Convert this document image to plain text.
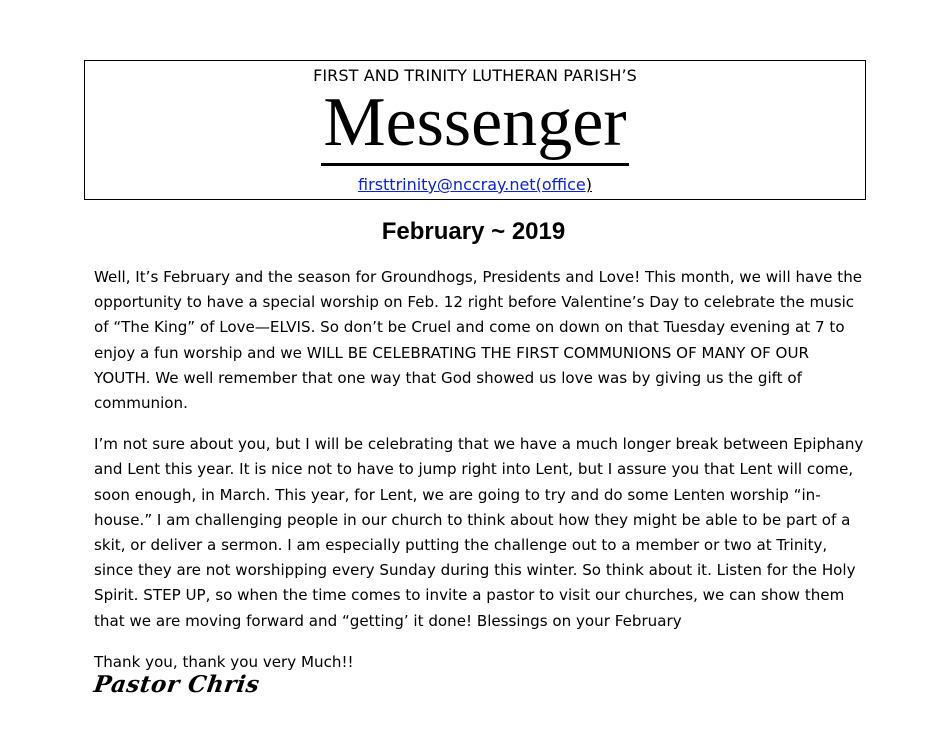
FIRST AND TRINITY LUTHERAN PARISH’S
Messenger
firsttrinity@nccray.net(office)
February ~ 2019

Well, It’s February and the season for Groundhogs, Presidents and Love! This month, we will have the opportunity to have a special worship on Feb. 12 right before Valentine’s Day to celebrate the music of “The King” of Love—ELVIS. So don’t be Cruel and come on down on that Tuesday evening at 7 to enjoy a fun worship and we WILL BE CELEBRATING THE FIRST COMMUNIONS OF MANY OF OUR YOUTH. We well remember that one way that God showed us love was by giving us the gift of communion.

I’m not sure about you, but I will be celebrating that we have a much longer break between Epiphany and Lent this year. It is nice not to have to jump right into Lent, but I assure you that Lent will come, soon enough, in March. This year, for Lent, we are going to try and do some Lenten worship “in-house.” I am challenging people in our church to think about how they might be able to be part of a skit, or deliver a sermon. I am especially putting the challenge out to a member or two at Trinity, since they are not worshipping every Sunday during this winter. So think about it. Listen for the Holy Spirit. STEP UP, so when the time comes to invite a pastor to visit our churches, we can show them that we are moving forward and “getting’ it done! Blessings on your February

Thank you, thank you very Much!!

Pastor Chris
